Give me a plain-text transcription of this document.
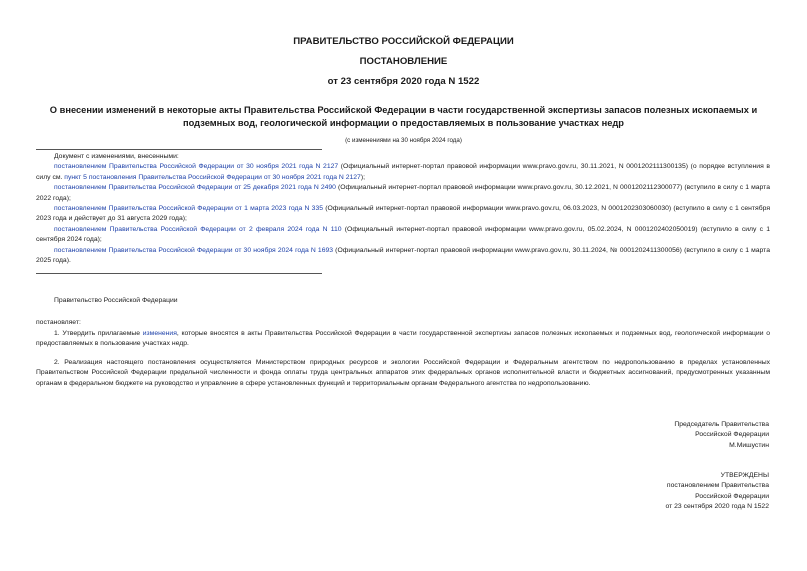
ПРАВИТЕЛЬСТВО РОССИЙСКОЙ ФЕДЕРАЦИИ
ПОСТАНОВЛЕНИЕ
от 23 сентября 2020 года N 1522
О внесении изменений в некоторые акты Правительства Российской Федерации в части государственной экспертизы запасов полезных ископаемых и подземных вод, геологической информации о предоставляемых в пользование участках недр
(с изменениями на 30 ноября 2024 года)
Документ с изменениями, внесенными:
постановлением Правительства Российской Федерации от 30 ноября 2021 года N 2127 (Официальный интернет-портал правовой информации www.pravo.gov.ru, 30.11.2021, N 0001202111300135) (о порядке вступления в силу см. пункт 5 постановления Правительства Российской Федерации от 30 ноября 2021 года N 2127);
постановлением Правительства Российской Федерации от 25 декабря 2021 года N 2490 (Официальный интернет-портал правовой информации www.pravo.gov.ru, 30.12.2021, N 0001202112300077) (вступило в силу с 1 марта 2022 года);
постановлением Правительства Российской Федерации от 1 марта 2023 года N 335 (Официальный интернет-портал правовой информации www.pravo.gov.ru, 06.03.2023, N 0001202303060030) (вступило в силу с 1 сентября 2023 года и действует до 31 августа 2029 года);
постановлением Правительства Российской Федерации от 2 февраля 2024 года N 110 (Официальный интернет-портал правовой информации www.pravo.gov.ru, 05.02.2024, N 0001202402050019) (вступило в силу с 1 сентября 2024 года);
постановлением Правительства Российской Федерации от 30 ноября 2024 года N 1693 (Официальный интернет-портал правовой информации www.pravo.gov.ru, 30.11.2024, № 0001202411300056) (вступило в силу с 1 марта 2025 года).
Правительство Российской Федерации
постановляет:
1. Утвердить прилагаемые изменения, которые вносятся в акты Правительства Российской Федерации в части государственной экспертизы запасов полезных ископаемых и подземных вод, геологической информации о предоставляемых в пользование участках недр.
2. Реализация настоящего постановления осуществляется Министерством природных ресурсов и экологии Российской Федерации и Федеральным агентством по недропользованию в пределах установленных Правительством Российской Федерации предельной численности и фонда оплаты труда центральных аппаратов этих федеральных органов исполнительной власти и бюджетных ассигнований, предусмотренных указанным органам в федеральном бюджете на руководство и управление в сфере установленных функций и территориальным органам Федерального агентства по недропользованию.
Председатель Правительства
Российской Федерации
М.Мишустин
УТВЕРЖДЕНЫ
постановлением Правительства
Российской Федерации
от 23 сентября 2020 года N 1522
